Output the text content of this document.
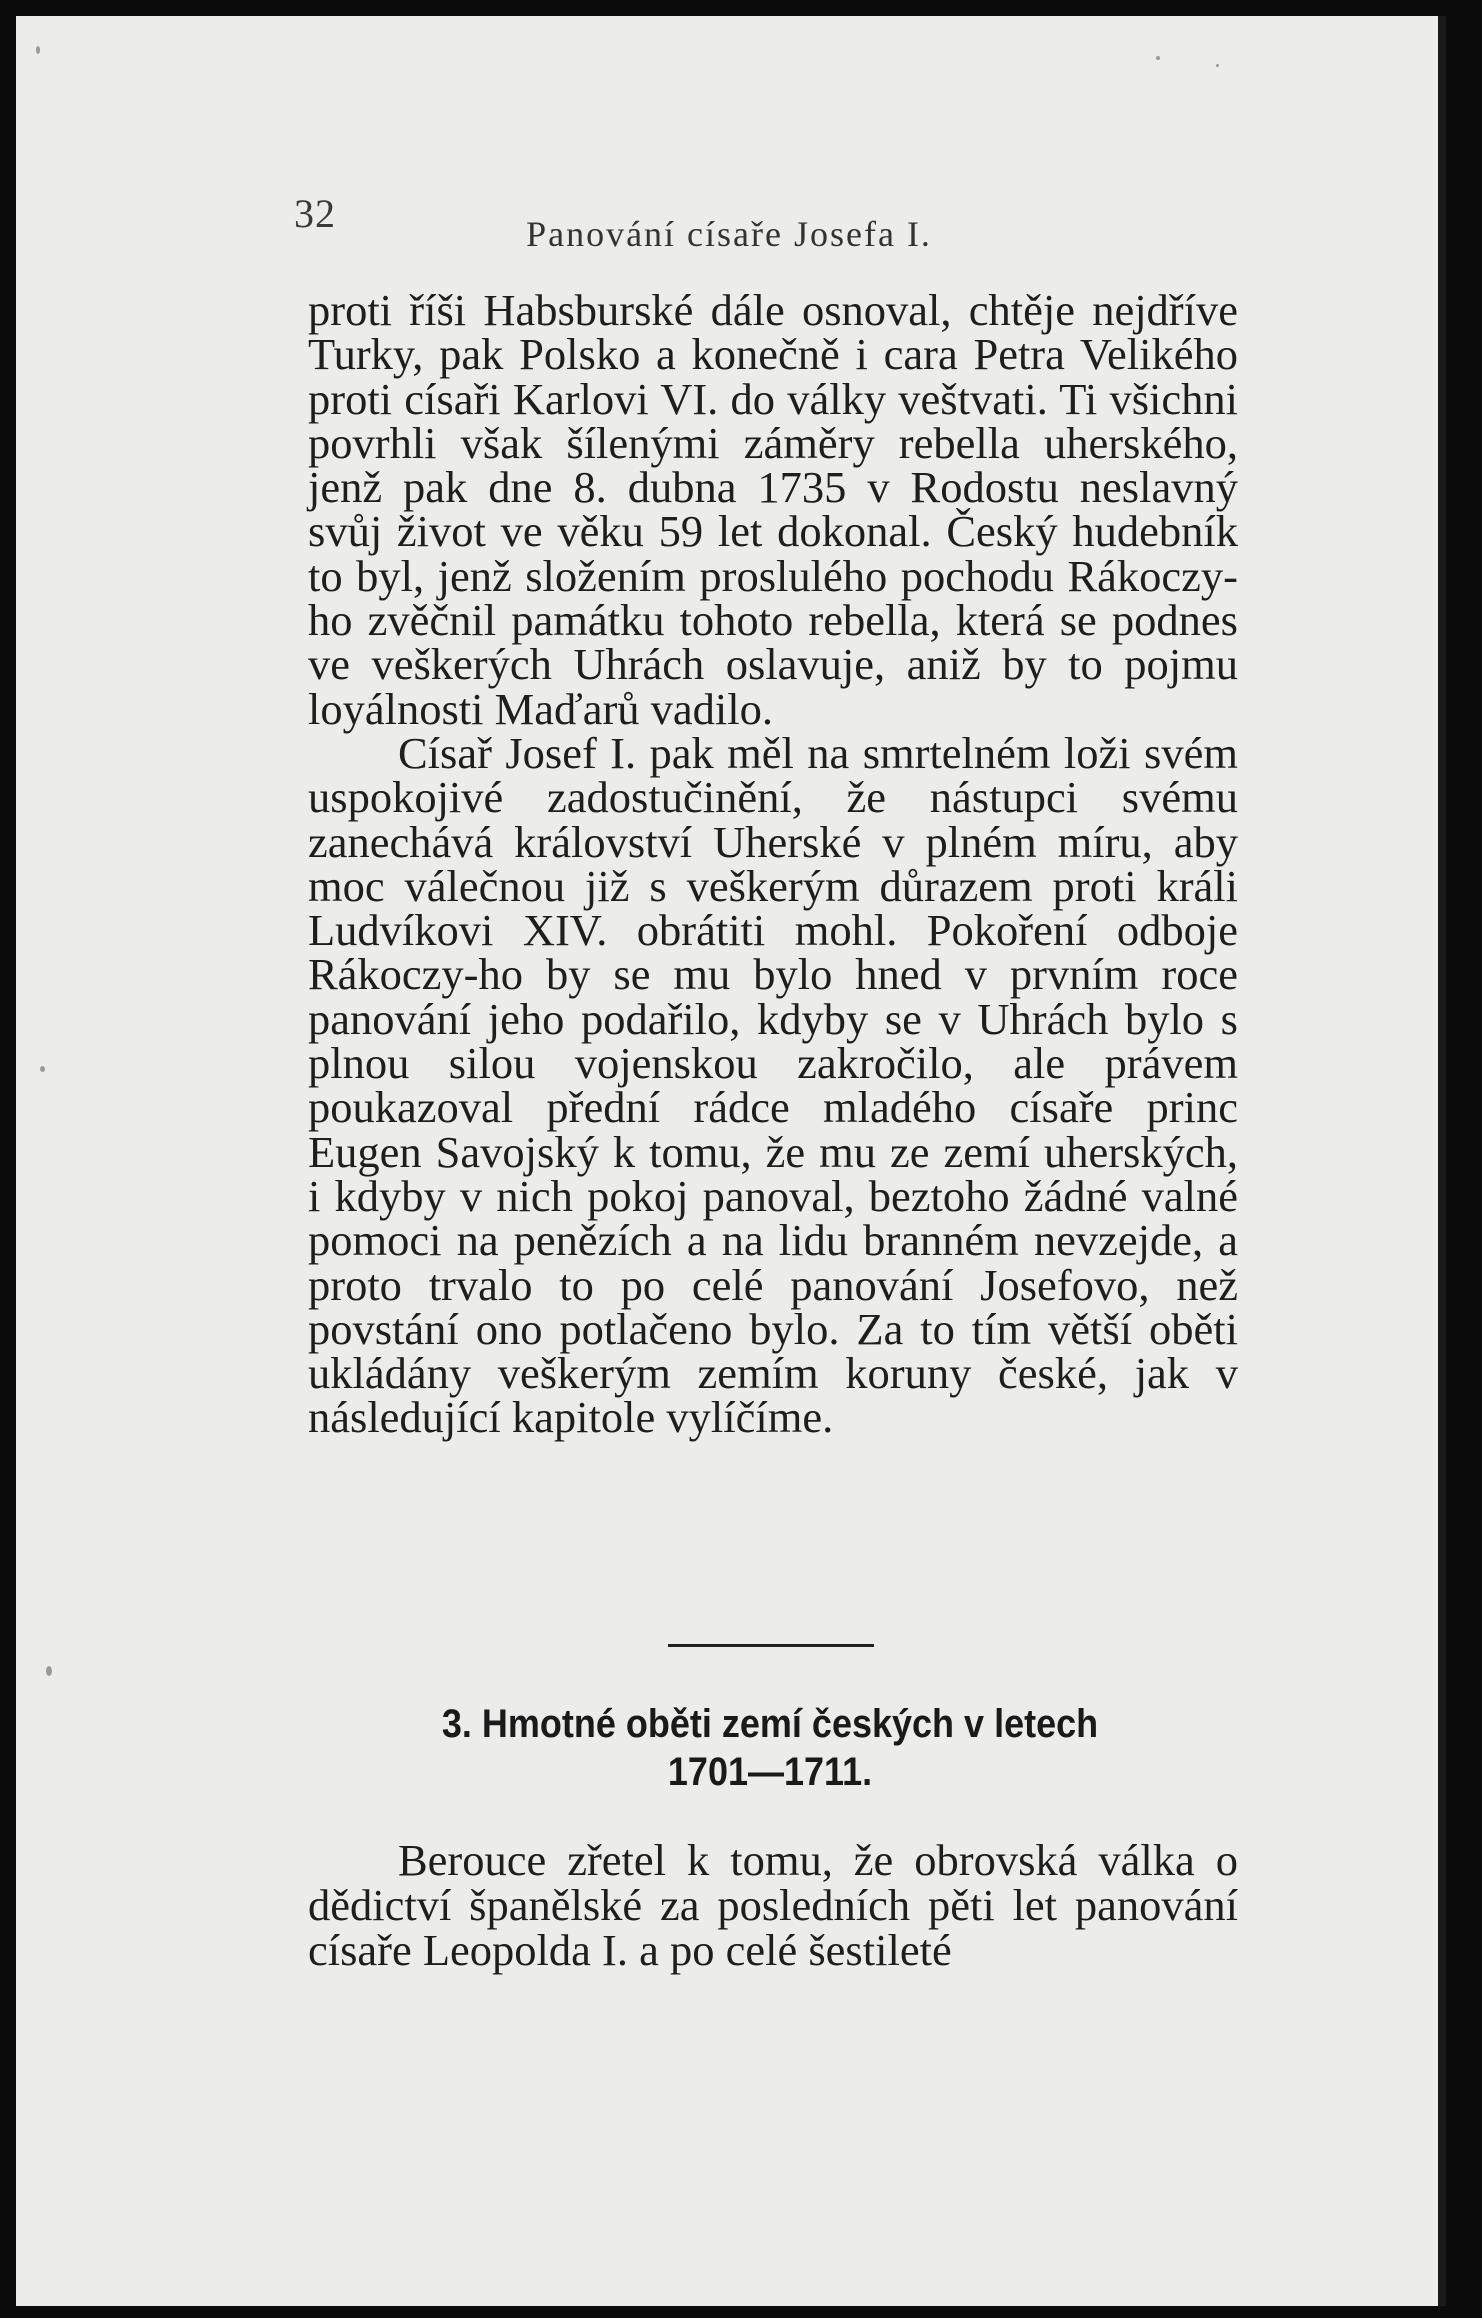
32	Panování císaře Josefa I.

proti říši Habsburské dále osnoval, chtěje nejdříve Turky, pak Polsko a konečně i cara Petra Velikého proti císaři Karlovi VI. do války veštvati. Ti všichni povrhli však šílenými záměry rebella uherského, jenž pak dne 8. dubna 1735 v Rodostu neslavný svůj život ve věku 59 let dokonal. Český hudebník to byl, jenž složením proslulého pochodu Rákoczy-ho zvěčnil památku tohoto rebella, která se podnes ve veškerých Uhrách oslavuje, aniž by to pojmu loyálnosti Maďarů vadilo.

Císař Josef I. pak měl na smrtelném loži svém uspokojivé zadostučinění, že nástupci svému zanechává království Uherské v plném míru, aby moc válečnou již s veškerým důrazem proti králi Ludvíkovi XIV. obrátiti mohl. Pokoření odboje Rákoczy-ho by se mu bylo hned v prvním roce panování jeho podařilo, kdyby se v Uhrách bylo s plnou silou vojenskou zakročilo, ale právem poukazoval přední rádce mladého císaře princ Eugen Savojský k tomu, že mu ze zemí uherských, i kdyby v nich pokoj panoval, beztoho žádné valné pomoci na penězích a na lidu branném nevzejde, a proto trvalo to po celé panování Josefovo, než povstání ono potlačeno bylo. Za to tím větší oběti ukládány veškerým zemím koruny české, jak v následující kapitole vylíčíme.

3. Hmotné oběti zemí českých v letech
1701—1711.

Berouce zřetel k tomu, že obrovská válka o dědictví španělské za posledních pěti let panování císaře Leopolda I. a po celé šestileté
